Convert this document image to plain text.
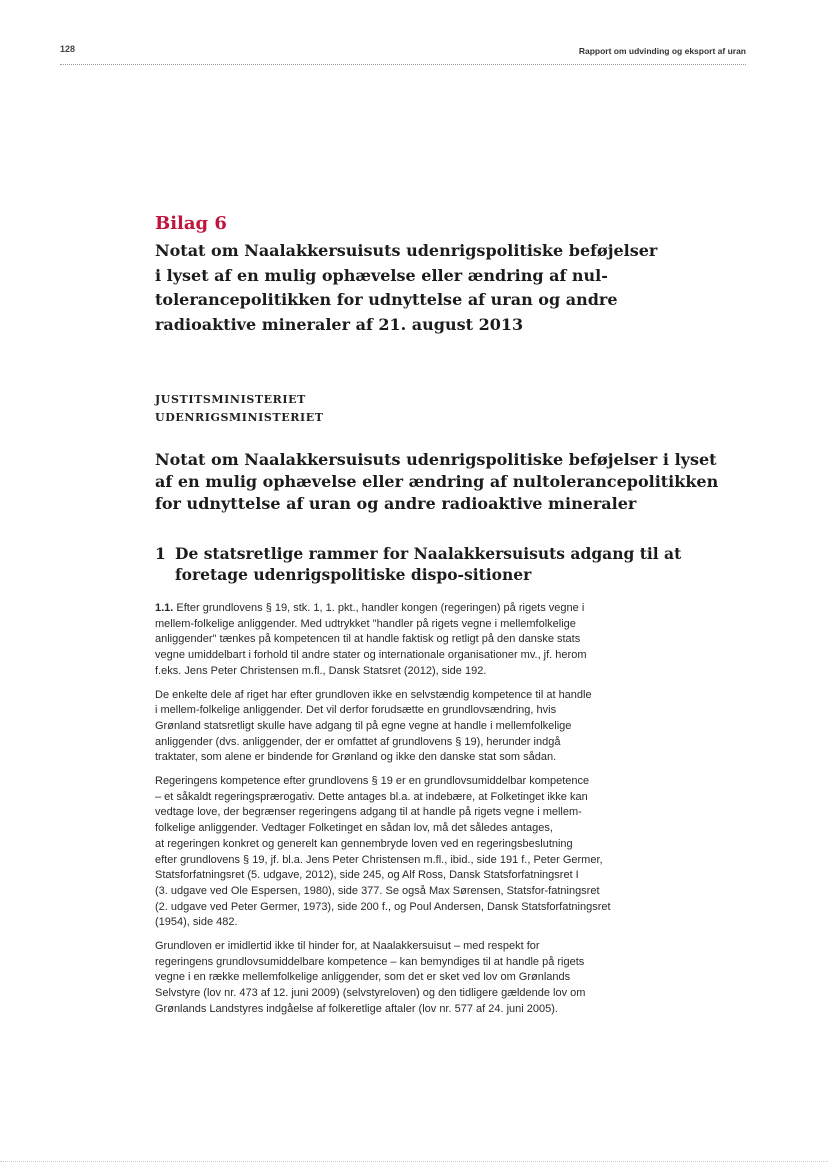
128	Rapport om udvinding og eksport af uran
Bilag 6
Notat om Naalakkersuisuts udenrigspolitiske beføjelser
i lyset af en mulig ophævelse eller ændring af nul-
tolerancepolitikken for udnyttelse af uran og andre
radioaktive mineraler af 21. august 2013
JUSTITSMINISTERIET
UDENRIGSMINISTERIET
Notat om Naalakkersuisuts udenrigspolitiske beføjelser i lyset
af en mulig ophævelse eller ændring af nultolerancepolitikken
for udnyttelse af uran og andre radioaktive mineraler
1 De statsretlige rammer for Naalakkersuisuts adgang til at
foretage udenrigspolitiske dispo-sitioner

1.1. Efter grundlovens § 19, stk. 1, 1. pkt., handler kongen (regeringen) på rigets vegne i
mellem-folkelige anliggender. Med udtrykket "handler på rigets vegne i mellemfolkelige
anliggender" tænkes på kompetencen til at handle faktisk og retligt på den danske stats
vegne umiddelbart i forhold til andre stater og internationale organisationer mv., jf. herom
f.eks. Jens Peter Christensen m.fl., Dansk Statsret (2012), side 192.

De enkelte dele af riget har efter grundloven ikke en selvstændig kompetence til at handle
i mellem-folkelige anliggender. Det vil derfor forudsætte en grundlovsændring, hvis
Grønland statsretligt skulle have adgang til på egne vegne at handle i mellemfolkelige
anliggender (dvs. anliggender, der er omfattet af grundlovens § 19), herunder indgå
traktater, som alene er bindende for Grønland og ikke den danske stat som sådan.

Regeringens kompetence efter grundlovens § 19 er en grundlovsumiddelbar kompetence
– et såkaldt regeringsprærogativ. Dette antages bl.a. at indebære, at Folketinget ikke kan
vedtage love, der begrænser regeringens adgang til at handle på rigets vegne i mellem-
folkelige anliggender. Vedtager Folketinget en sådan lov, må det således antages,
at regeringen konkret og generelt kan gennembryde loven ved en regeringsbeslutning
efter grundlovens § 19, jf. bl.a. Jens Peter Christensen m.fl., ibid., side 191 f., Peter Germer,
Statsforfatningsret (5. udgave, 2012), side 245, og Alf Ross, Dansk Statsforfatningsret I
(3. udgave ved Ole Espersen, 1980), side 377. Se også Max Sørensen, Statsfor-fatningsret
(2. udgave ved Peter Germer, 1973), side 200 f., og Poul Andersen, Dansk Statsforfatningsret
(1954), side 482.

Grundloven er imidlertid ikke til hinder for, at Naalakkersuisut – med respekt for
regeringens grundlovsumiddelbare kompetence – kan bemyndiges til at handle på rigets
vegne i en række mellemfolkelige anliggender, som det er sket ved lov om Grønlands
Selvstyre (lov nr. 473 af 12. juni 2009) (selvstyreloven) og den tidligere gældende lov om
Grønlands Landstyres indgåelse af folkeretlige aftaler (lov nr. 577 af 24. juni 2005).
